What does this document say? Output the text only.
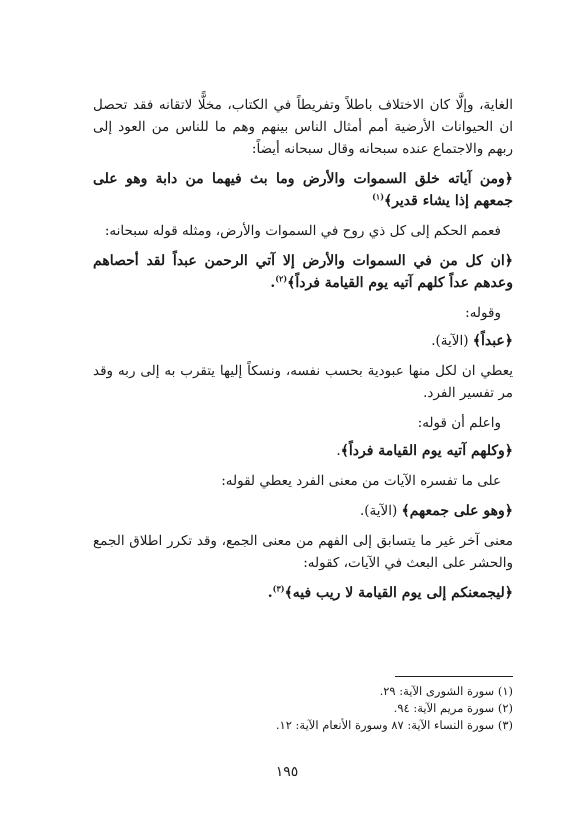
الغاية، وإلَّا كان الاختلاف باطلاً وتفريطاً في الكتاب، مخلًّا لاتقانه فقد تحصل ان الحيوانات الأرضية أمم أمثال الناس بينهم وهم ما للناس من العود إلى ربهم والاجتماع عنده سبحانه وقال سبحانه أيضاً:

﴿ومن آياته خلق السموات والأرض وما بث فيهما من دابة وهو على جمعهم إذا يشاء قدير﴾$^{(١)}$

فعمم الحكم إلى كل ذي روح في السموات والأرض، ومثله قوله سبحانه:

﴿ان كل من في السموات والأرض إلا آتي الرحمن عبداً لقد أحصاهم وعدهم عداً كلهم آتيه يوم القيامة فرداً﴾$^{(٢)}$.

وقوله:

﴿عبداً﴾ (الآية).

يعطي ان لكل منها عبودية بحسب نفسه، ونسكاً إليها يتقرب به إلى ربه وقد مر تفسير الفرد.

واعلم أن قوله:

﴿وكلهم آتيه يوم القيامة فرداً﴾.

على ما تفسره الآيات من معنى الفرد يعطي لقوله:

﴿وهو على جمعهم﴾ (الآية).

معنى آخر غير ما يتسابق إلى الفهم من معنى الجمع، وقد تكرر اطلاق الجمع والحشر على البعث في الآيات، كقوله:

﴿ليجمعنكم إلى يوم القيامة لا ريب فيه﴾$^{(٣)}$.

(١) سورة الشورى الآية: ٢٩.
(٢) سورة مريم الآية: ٩٤.
(٣) سورة النساء الآية: ٨٧ وسورة الأنعام الآية: ١٢.
١٩٥
